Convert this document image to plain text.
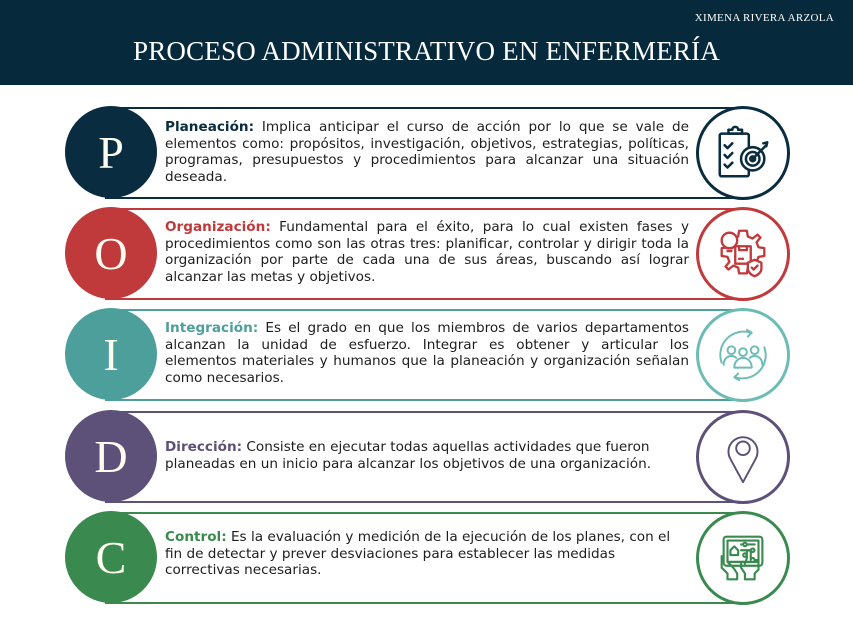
XIMENA RIVERA ARZOLA
PROCESO ADMINISTRATIVO EN ENFERMERÍA
P	Planeación: Implica anticipar el curso de acción por lo que se vale de elementos como: propósitos, investigación, objetivos, estrategias, políticas, programas, presupuestos y procedimientos para alcanzar una situación deseada.
O
Organización: Fundamental para el éxito, para lo cual existen fases y procedimientos como son las otras tres: planificar, controlar y dirigir toda la organización por parte de cada una de sus áreas, buscando así lograr alcanzar las metas y objetivos.
I
Integración: Es el grado en que los miembros de varios departamentos alcanzan la unidad de esfuerzo. Integrar es obtener y articular los elementos materiales y humanos que la planeación y organización señalan como necesarios.
D	Dirección: Consiste en ejecutar todas aquellas actividades que fueron planeadas en un inicio para alcanzar los objetivos de una organización.
C	Control: Es la evaluación y medición de la ejecución de los planes, con el fin de detectar y prever desviaciones para establecer las medidas correctivas necesarias.
